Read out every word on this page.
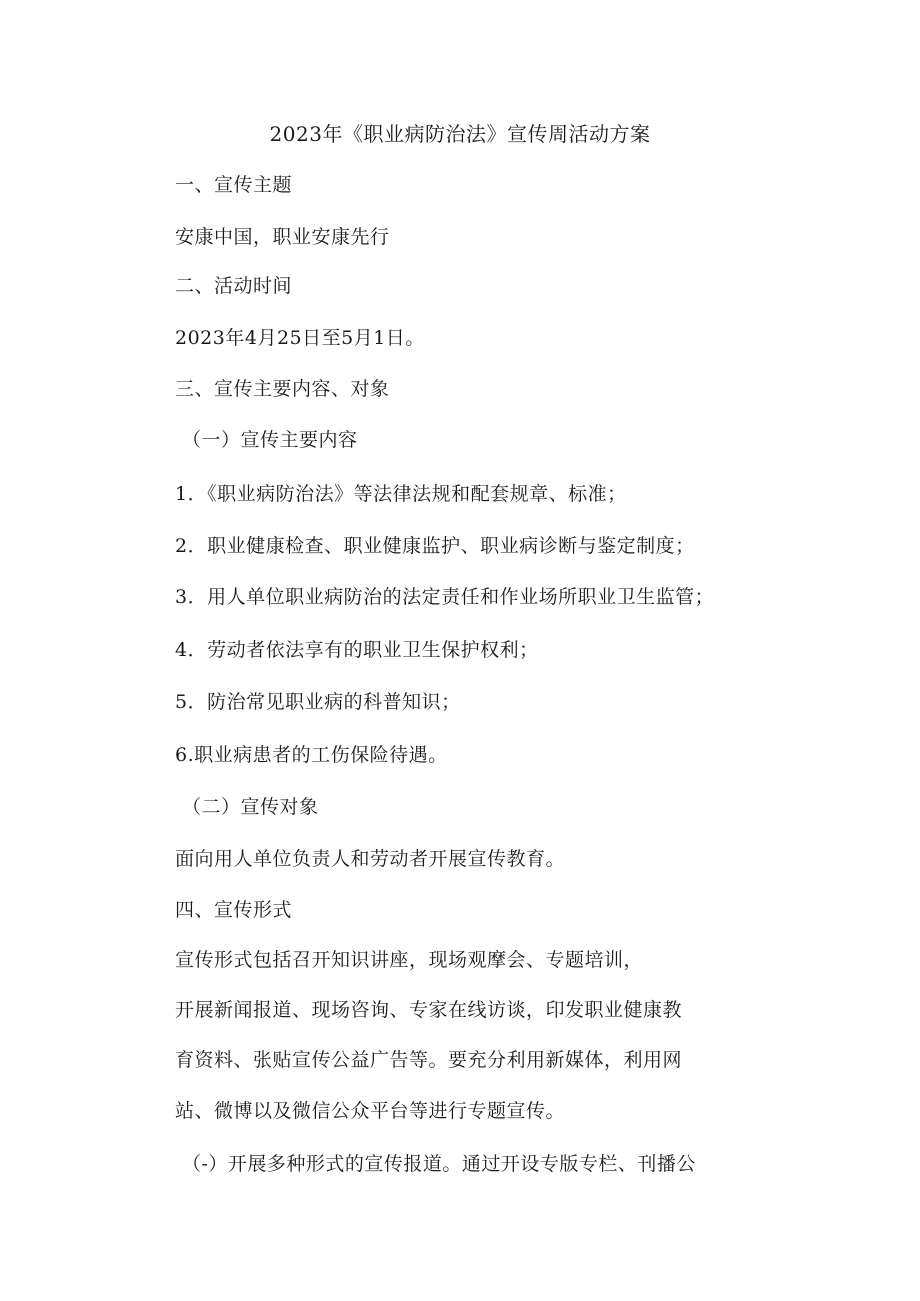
2023年《职业病防治法》宣传周活动方案
一、宣传主题
安康中国，职业安康先行
二、活动时间
2023年4月25日至5月1日。
三、宣传主要内容、对象
（一）宣传主要内容
1．《职业病防治法》等法律法规和配套规章、标准；
2．职业健康检查、职业健康监护、职业病诊断与鉴定制度；
3．用人单位职业病防治的法定责任和作业场所职业卫生监管；
4．劳动者依法享有的职业卫生保护权利；
5．防治常见职业病的科普知识；
6.职业病患者的工伤保险待遇。
（二）宣传对象
面向用人单位负责人和劳动者开展宣传教育。
四、宣传形式
宣传形式包括召开知识讲座，现场观摩会、专题培训，
开展新闻报道、现场咨询、专家在线访谈，印发职业健康教
育资料、张贴宣传公益广告等。要充分利用新媒体，利用网
站、微博以及微信公众平台等进行专题宣传。
（-）开展多种形式的宣传报道。通过开设专版专栏、刊播公
